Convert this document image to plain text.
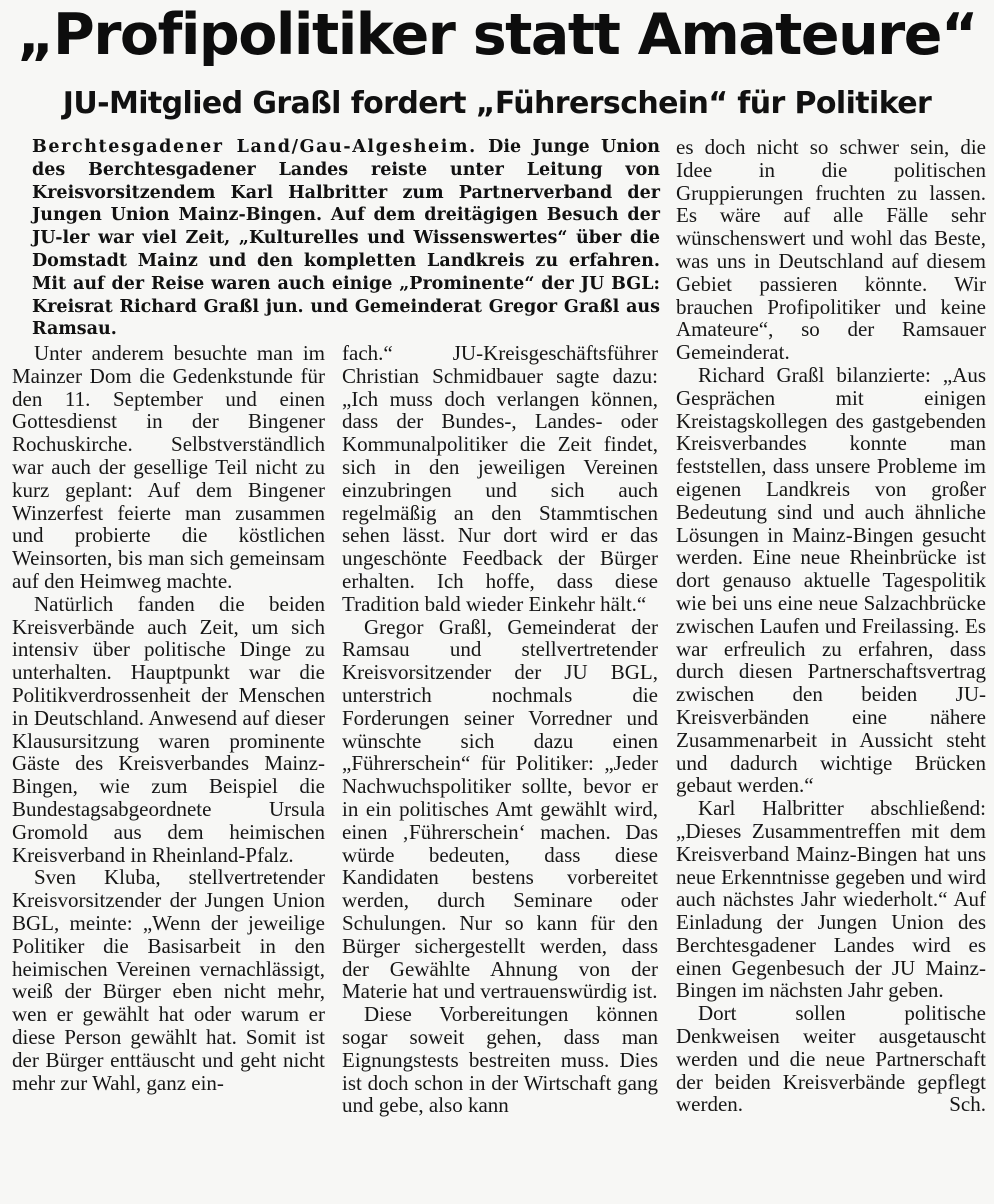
„Profipolitiker statt Amateure“
JU-Mitglied Graßl fordert „Führerschein“ für Politiker
Berchtesgadener Land/Gau-Algesheim. Die Junge Union des Berchtesgadener Landes reiste unter Leitung von Kreisvorsitzendem Karl Halbritter zum Partnerverband der Jungen Union Mainz-Bingen. Auf dem dreitägigen Besuch der JU-ler war viel Zeit, „Kulturelles und Wissenswertes“ über die Domstadt Mainz und den kompletten Landkreis zu erfahren. Mit auf der Reise waren auch einige „Prominente“ der JU BGL: Kreisrat Richard Graßl jun. und Gemeinderat Gregor Graßl aus Ramsau.

Unter anderem besuchte man im Mainzer Dom die Gedenkstunde für den 11. September und einen Gottesdienst in der Bingener Rochuskirche. Selbstverständlich war auch der gesellige Teil nicht zu kurz geplant: Auf dem Bingener Winzerfest feierte man zusammen und probierte die köstlichen Weinsorten, bis man sich gemeinsam auf den Heimweg machte.

Natürlich fanden die beiden Kreisverbände auch Zeit, um sich intensiv über politische Dinge zu unterhalten. Hauptpunkt war die Politikverdrossenheit der Menschen in Deutschland. Anwesend auf dieser Klausursitzung waren prominente Gäste des Kreisverbandes Mainz-Bingen, wie zum Beispiel die Bundestagsabgeordnete Ursula Gromold aus dem heimischen Kreisverband in Rheinland-Pfalz.

Sven Kluba, stellvertretender Kreisvorsitzender der Jungen Union BGL, meinte: „Wenn der jeweilige Politiker die Basisarbeit in den heimischen Vereinen vernachlässigt, weiß der Bürger eben nicht mehr, wen er gewählt hat oder warum er diese Person gewählt hat. Somit ist der Bürger enttäuscht und geht nicht mehr zur Wahl, ganz ein-

fach.“ JU-Kreisgeschäftsführer Christian Schmidbauer sagte dazu: „Ich muss doch verlangen können, dass der Bundes-, Landes- oder Kommunalpolitiker die Zeit findet, sich in den jeweiligen Vereinen einzubringen und sich auch regelmäßig an den Stammtischen sehen lässt. Nur dort wird er das ungeschönte Feedback der Bürger erhalten. Ich hoffe, dass diese Tradition bald wieder Einkehr hält.“

Gregor Graßl, Gemeinderat der Ramsau und stellvertretender Kreisvorsitzender der JU BGL, unterstrich nochmals die Forderungen seiner Vorredner und wünschte sich dazu einen „Führerschein“ für Politiker: „Jeder Nachwuchspolitiker sollte, bevor er in ein politisches Amt gewählt wird, einen ‚Führerschein‘ machen. Das würde bedeuten, dass diese Kandidaten bestens vorbereitet werden, durch Seminare oder Schulungen. Nur so kann für den Bürger sichergestellt werden, dass der Gewählte Ahnung von der Materie hat und vertrauenswürdig ist.

Diese Vorbereitungen können sogar soweit gehen, dass man Eignungstests bestreiten muss. Dies ist doch schon in der Wirtschaft gang und gebe, also kann

es doch nicht so schwer sein, die Idee in die politischen Gruppierungen fruchten zu lassen. Es wäre auf alle Fälle sehr wünschenswert und wohl das Beste, was uns in Deutschland auf diesem Gebiet passieren könnte. Wir brauchen Profipolitiker und keine Amateure“, so der Ramsauer Gemeinderat.

Richard Graßl bilanzierte: „Aus Gesprächen mit einigen Kreistagskollegen des gastgebenden Kreisverbandes konnte man feststellen, dass unsere Probleme im eigenen Landkreis von großer Bedeutung sind und auch ähnliche Lösungen in Mainz-Bingen gesucht werden. Eine neue Rheinbrücke ist dort genauso aktuelle Tagespolitik wie bei uns eine neue Salzachbrücke zwischen Laufen und Freilassing. Es war erfreulich zu erfahren, dass durch diesen Partnerschaftsvertrag zwischen den beiden JU-Kreisverbänden eine nähere Zusammenarbeit in Aussicht steht und dadurch wichtige Brücken gebaut werden.“

Karl Halbritter abschließend: „Dieses Zusammentreffen mit dem Kreisverband Mainz-Bingen hat uns neue Erkenntnisse gegeben und wird auch nächstes Jahr wiederholt.“ Auf Einladung der Jungen Union des Berchtesgadener Landes wird es einen Gegenbesuch der JU Mainz-Bingen im nächsten Jahr geben.

Dort sollen politische Denkweisen weiter ausgetauscht werden und die neue Partnerschaft der beiden Kreisverbände gepflegt werden.	Sch.
